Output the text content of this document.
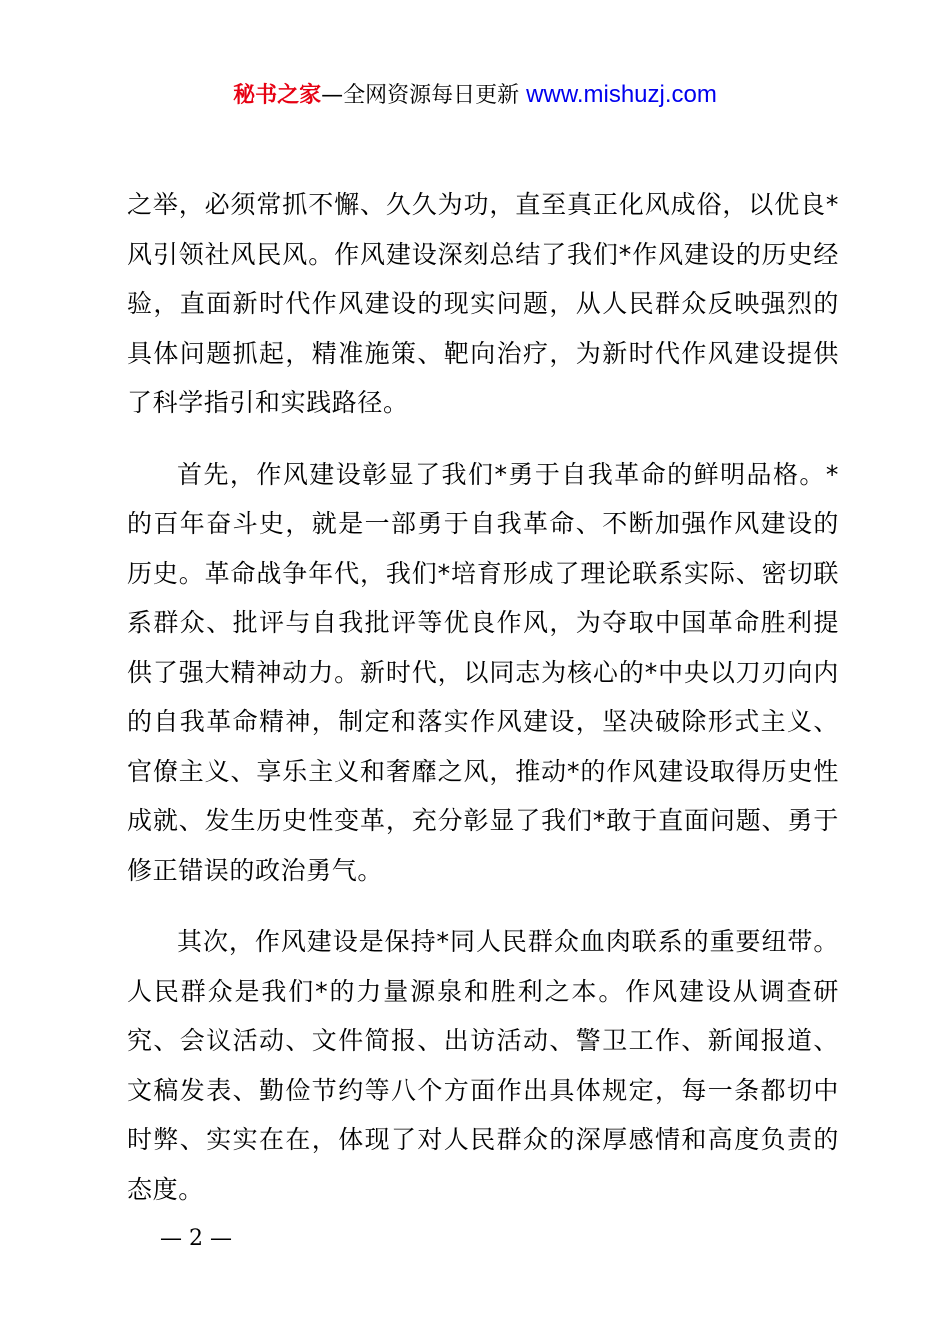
秘书之家—全网资源每日更新 www.mishuzj.com

之举，必须常抓不懈、久久为功，直至真正化风成俗，以优良*风引领社风民风。作风建设深刻总结了我们*作风建设的历史经验，直面新时代作风建设的现实问题，从人民群众反映强烈的具体问题抓起，精准施策、靶向治疗，为新时代作风建设提供了科学指引和实践路径。

首先，作风建设彰显了我们*勇于自我革命的鲜明品格。*的百年奋斗史，就是一部勇于自我革命、不断加强作风建设的历史。革命战争年代，我们*培育形成了理论联系实际、密切联系群众、批评与自我批评等优良作风，为夺取中国革命胜利提供了强大精神动力。新时代，以同志为核心的*中央以刀刃向内的自我革命精神，制定和落实作风建设，坚决破除形式主义、官僚主义、享乐主义和奢靡之风，推动*的作风建设取得历史性成就、发生历史性变革，充分彰显了我们*敢于直面问题、勇于修正错误的政治勇气。

其次，作风建设是保持*同人民群众血肉联系的重要纽带。人民群众是我们*的力量源泉和胜利之本。作风建设从调查研究、会议活动、文件简报、出访活动、警卫工作、新闻报道、文稿发表、勤俭节约等八个方面作出具体规定，每一条都切中时弊、实实在在，体现了对人民群众的深厚感情和高度负责的态度。

— 2 —
